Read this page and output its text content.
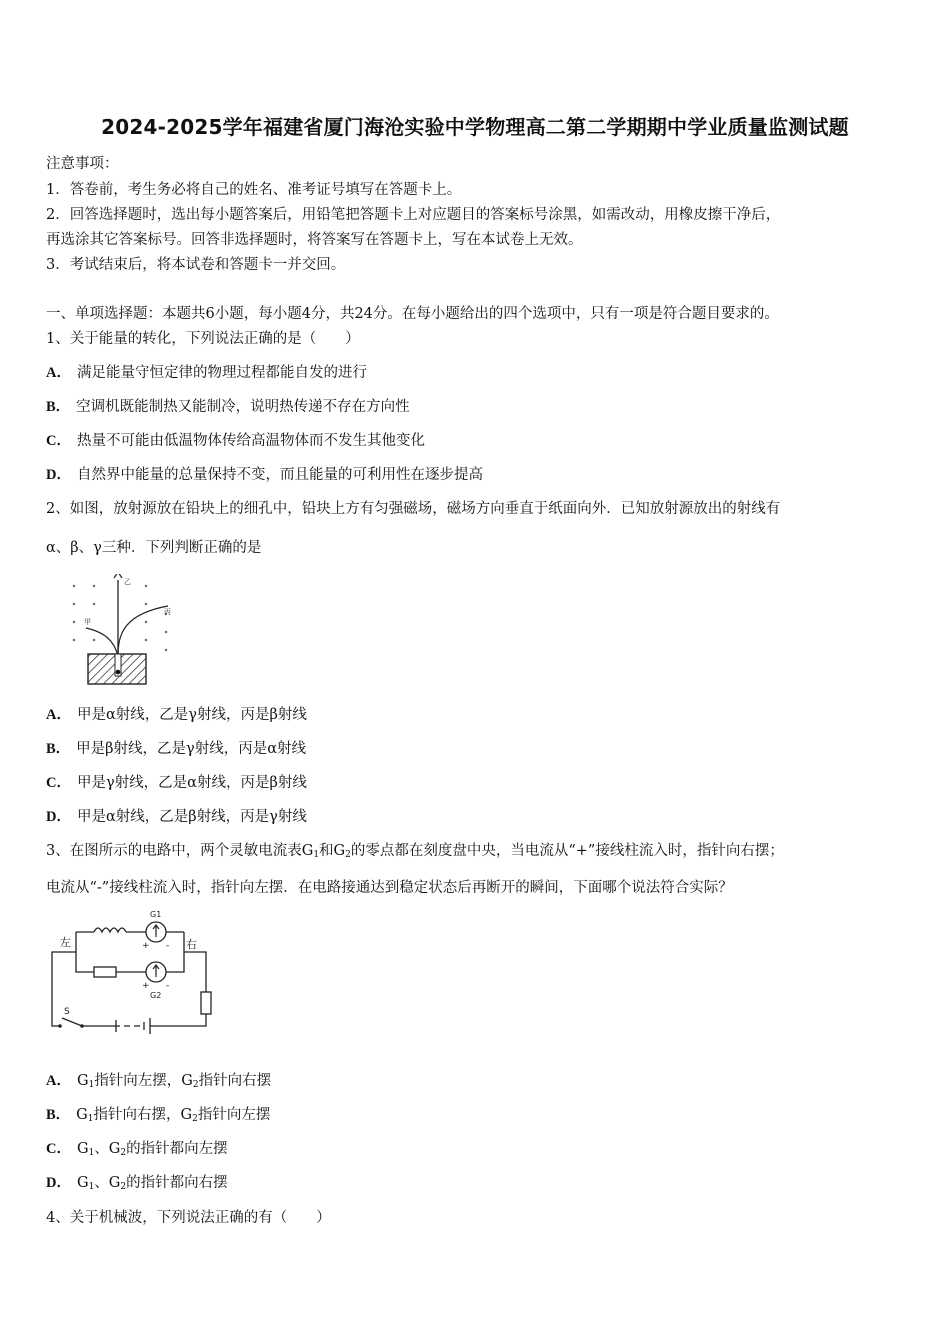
2024-2025学年福建省厦门海沧实验中学物理高二第二学期期中学业质量监测试题
注意事项：
1．答卷前，考生务必将自己的姓名、准考证号填写在答题卡上。
2．回答选择题时，选出每小题答案后，用铅笔把答题卡上对应题目的答案标号涂黑，如需改动，用橡皮擦干净后，
再选涂其它答案标号。回答非选择题时，将答案写在答题卡上，写在本试卷上无效。
3．考试结束后，将本试卷和答题卡一并交回。
一、单项选择题：本题共6小题，每小题4分，共24分。在每小题给出的四个选项中，只有一项是符合题目要求的。
1、关于能量的转化，下列说法正确的是（　　）
A． 满足能量守恒定律的物理过程都能自发的进行
B． 空调机既能制热又能制冷，说明热传递不存在方向性
C． 热量不可能由低温物体传给高温物体而不发生其他变化
D． 自然界中能量的总量保持不变，而且能量的可利用性在逐步提高
2、如图，放射源放在铅块上的细孔中，铅块上方有匀强磁场，磁场方向垂直于纸面向外．已知放射源放出的射线有
α、β、γ三种．下列判断正确的是
乙
丙
甲
A． 甲是α射线，乙是γ射线，丙是β射线
B． 甲是β射线，乙是γ射线，丙是α射线
C． 甲是γ射线，乙是α射线，丙是β射线
D． 甲是α射线，乙是β射线，丙是γ射线
3、在图所示的电路中，两个灵敏电流表$G_1$和$G_2$的零点都在刻度盘中央，当电流从“+”接线柱流入时，指针向右摆；
电流从“-”接线柱流入时，指针向左摆．在电路接通达到稳定状态后再断开的瞬间，下面哪个说法符合实际？
左	右
G1
G2
+ -
+ -
S
A． $G_1$指针向左摆，$G_2$指针向右摆
B． $G_1$指针向右摆，$G_2$指针向左摆
C． $G_1$、$G_2$的指针都向左摆
D． $G_1$、$G_2$的指针都向右摆
4、关于机械波，下列说法正确的有（　　）
